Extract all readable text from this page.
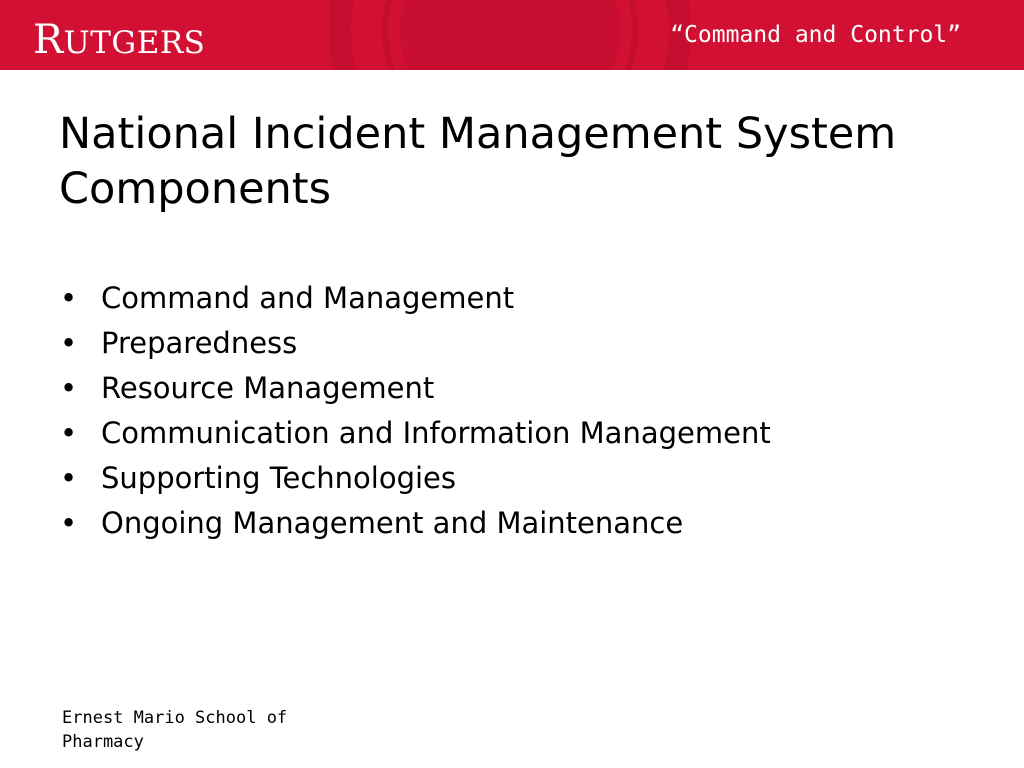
R UTGERS	“Command and Control”
National Incident Management System Components
• Command and Management
• Preparedness
• Resource Management
• Communication and Information Management
• Supporting Technologies
• Ongoing Management and Maintenance
Ernest Mario School of
Pharmacy
